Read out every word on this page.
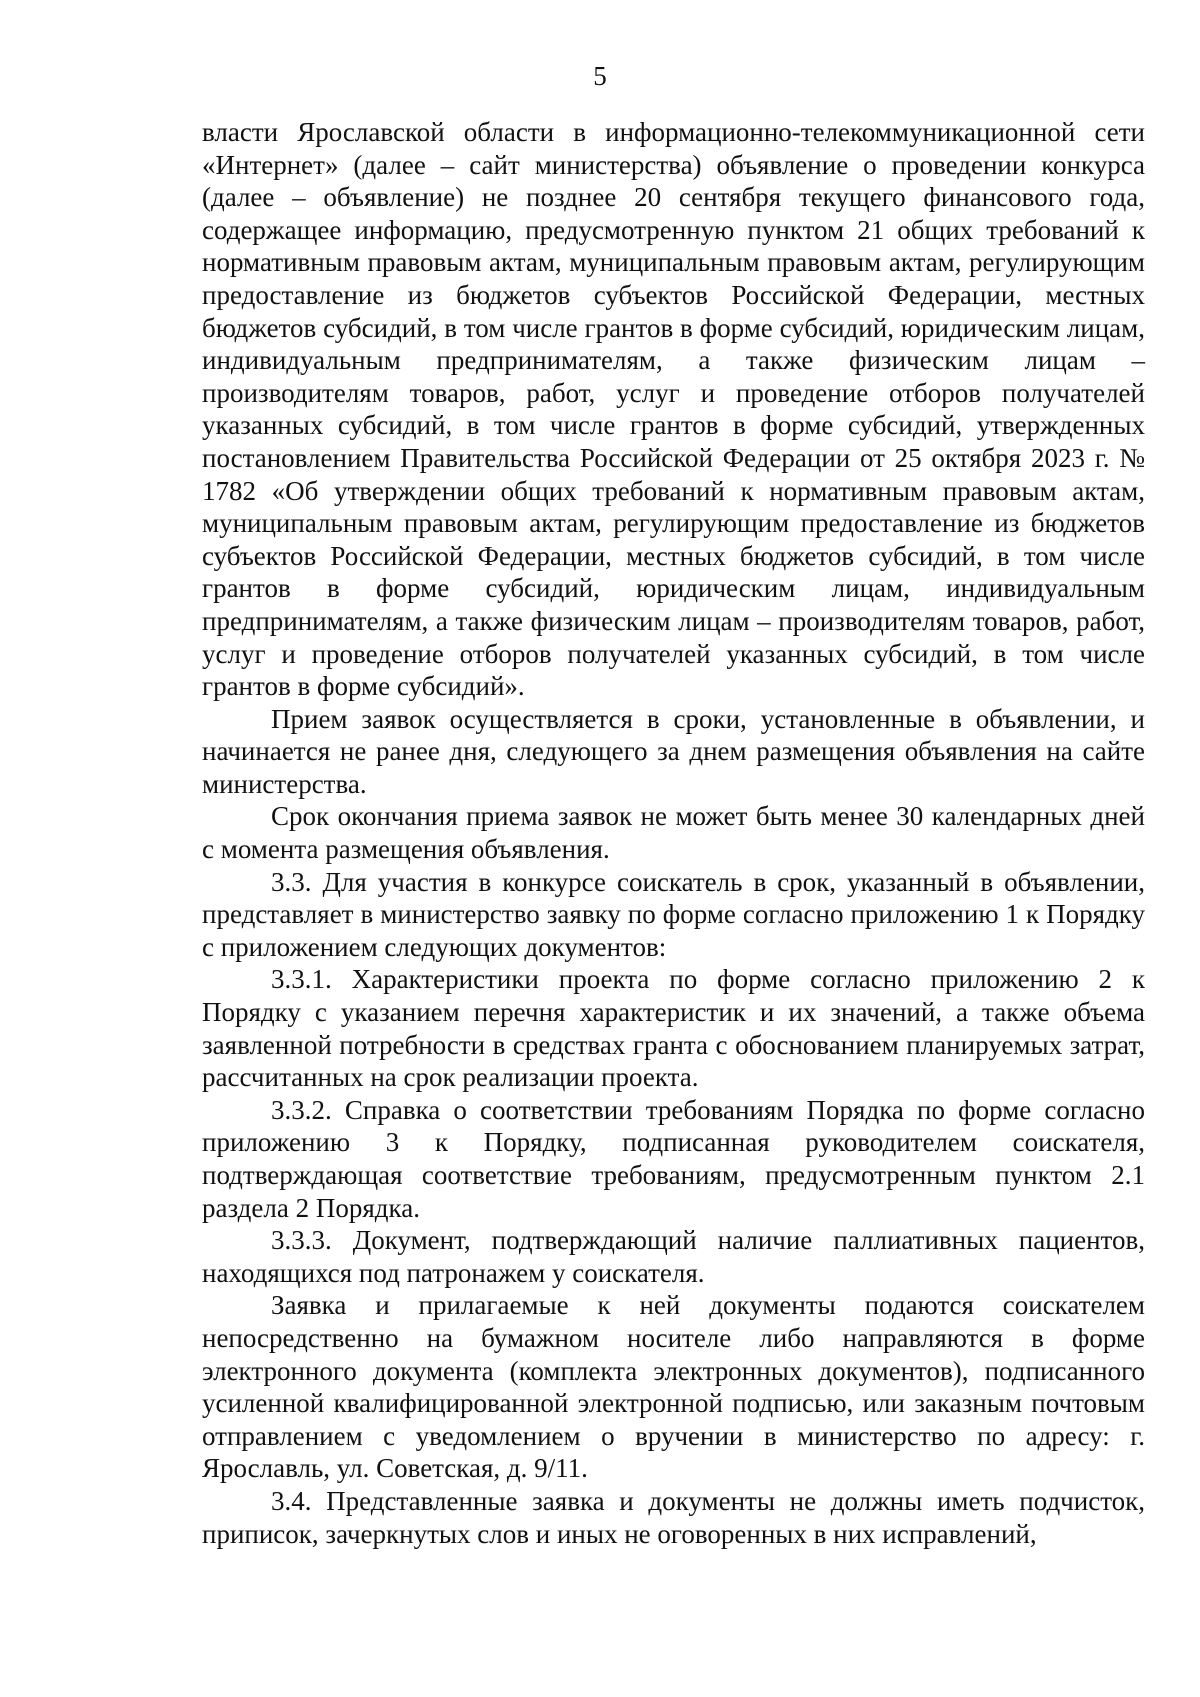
5

власти Ярославской области в информационно-телекоммуникационной сети «Интернет» (далее – сайт министерства) объявление о проведении конкурса (далее – объявление) не позднее 20 сентября текущего финансового года, содержащее информацию, предусмотренную пунктом 21 общих требований к нормативным правовым актам, муниципальным правовым актам, регулирующим предоставление из бюджетов субъектов Российской Федерации, местных бюджетов субсидий, в том числе грантов в форме субсидий, юридическим лицам, индивидуальным предпринимателям, а также физическим лицам – производителям товаров, работ, услуг и проведение отборов получателей указанных субсидий, в том числе грантов в форме субсидий, утвержденных постановлением Правительства Российской Федерации от 25 октября 2023 г. № 1782 «Об утверждении общих требований к нормативным правовым актам, муниципальным правовым актам, регулирующим предоставление из бюджетов субъектов Российской Федерации, местных бюджетов субсидий, в том числе грантов в форме субсидий, юридическим лицам, индивидуальным предпринимателям, а также физическим лицам – производителям товаров, работ, услуг и проведение отборов получателей указанных субсидий, в том числе грантов в форме субсидий».

Прием заявок осуществляется в сроки, установленные в объявлении, и начинается не ранее дня, следующего за днем размещения объявления на сайте министерства.

Срок окончания приема заявок не может быть менее 30 календарных дней с момента размещения объявления.

3.3. Для участия в конкурсе соискатель в срок, указанный в объявлении, представляет в министерство заявку по форме согласно приложению 1 к Порядку с приложением следующих документов:

3.3.1. Характеристики проекта по форме согласно приложению 2 к Порядку с указанием перечня характеристик и их значений, а также объема заявленной потребности в средствах гранта с обоснованием планируемых затрат, рассчитанных на срок реализации проекта.

3.3.2. Справка о соответствии требованиям Порядка по форме согласно приложению 3 к Порядку, подписанная руководителем соискателя, подтверждающая соответствие требованиям, предусмотренным пунктом 2.1 раздела 2 Порядка.

3.3.3. Документ, подтверждающий наличие паллиативных пациентов, находящихся под патронажем у соискателя.

Заявка и прилагаемые к ней документы подаются соискателем непосредственно на бумажном носителе либо направляются в форме электронного документа (комплекта электронных документов), подписанного усиленной квалифицированной электронной подписью, или заказным почтовым отправлением с уведомлением о вручении в министерство по адресу: г. Ярославль, ул. Советская, д. 9/11.

3.4. Представленные заявка и документы не должны иметь подчисток, приписок, зачеркнутых слов и иных не оговоренных в них исправлений,
